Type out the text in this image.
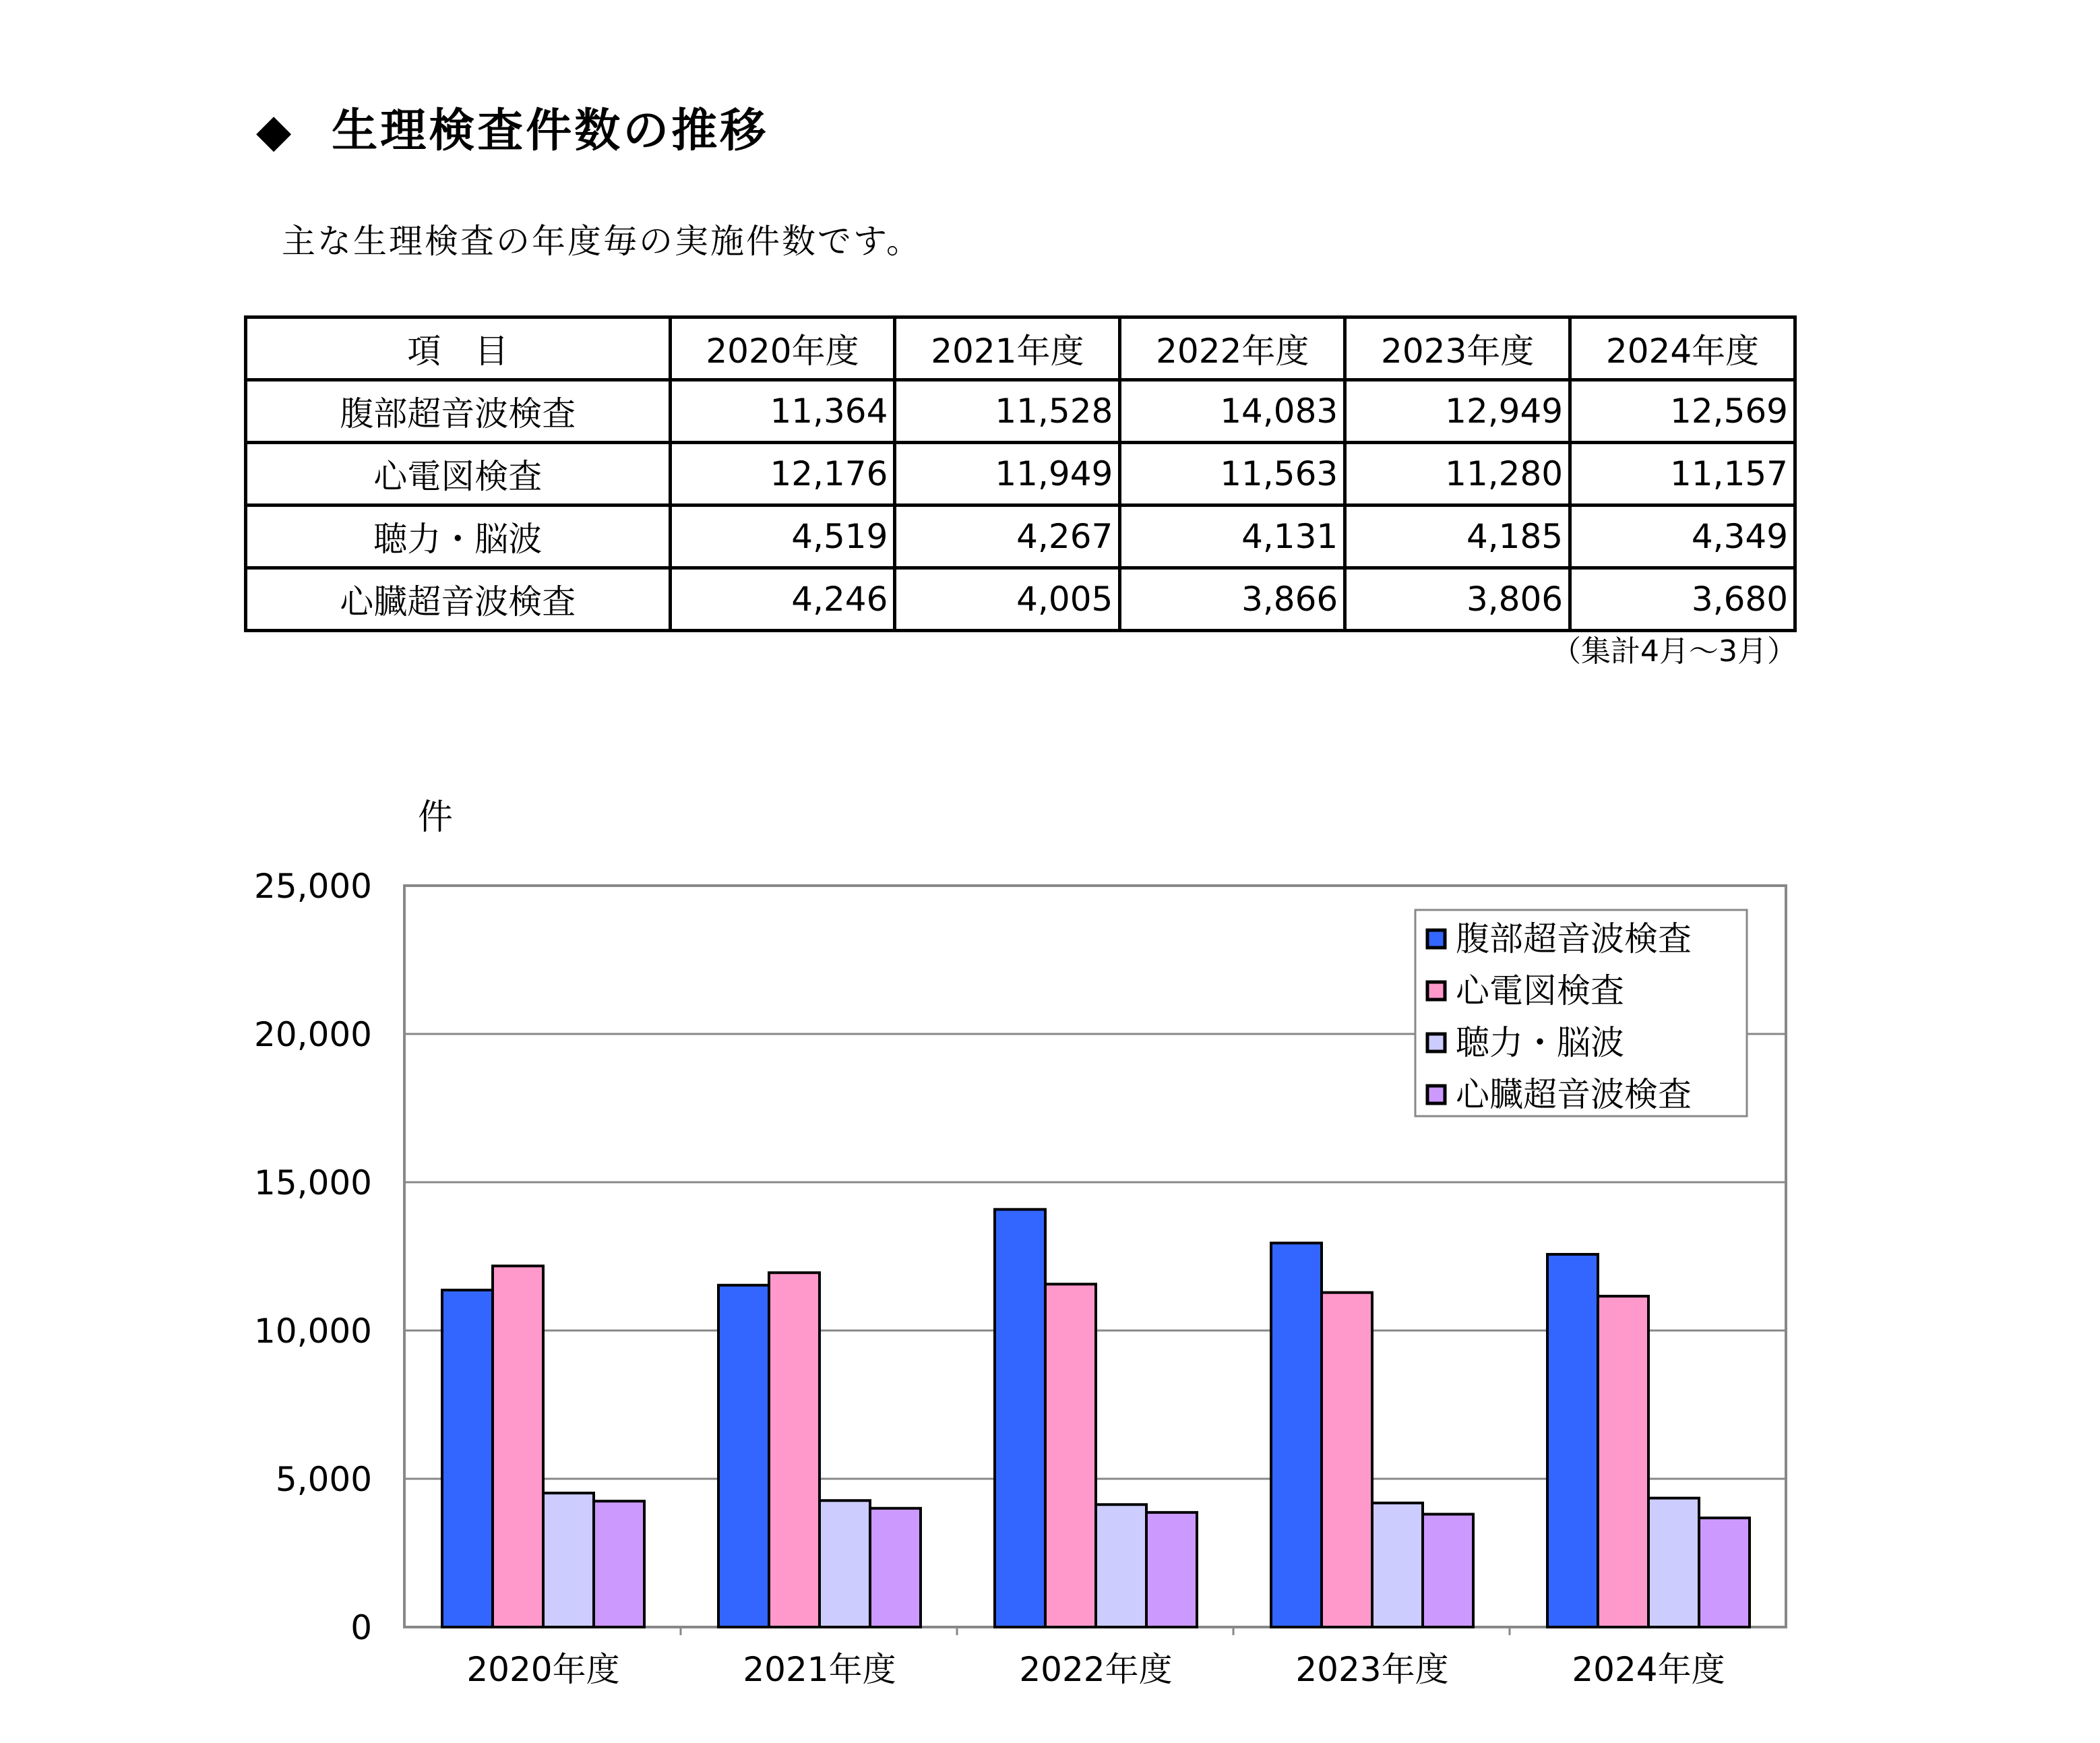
◆ 生理検査件数の推移
主な生理検査の年度毎の実施件数です。
項　目	2020年度	2021年度	2022年度	2023年度	2024年度
腹部超音波検査	11,364	11,528	14,083	12,949	12,569
心電図検査	12,176	11,949	11,563	11,280	11,157
聴力・脳波	4,519	4,267	4,131	4,185	4,349
心臓超音波検査	4,246	4,005	3,866	3,806	3,680
（集計4月～3月）
件
0
5,000
10,000
15,000
20,000
25,000
2020年度	2021年度	2022年度	2023年度	2024年度
腹部超音波検査
心電図検査
聴力・脳波
心臓超音波検査
